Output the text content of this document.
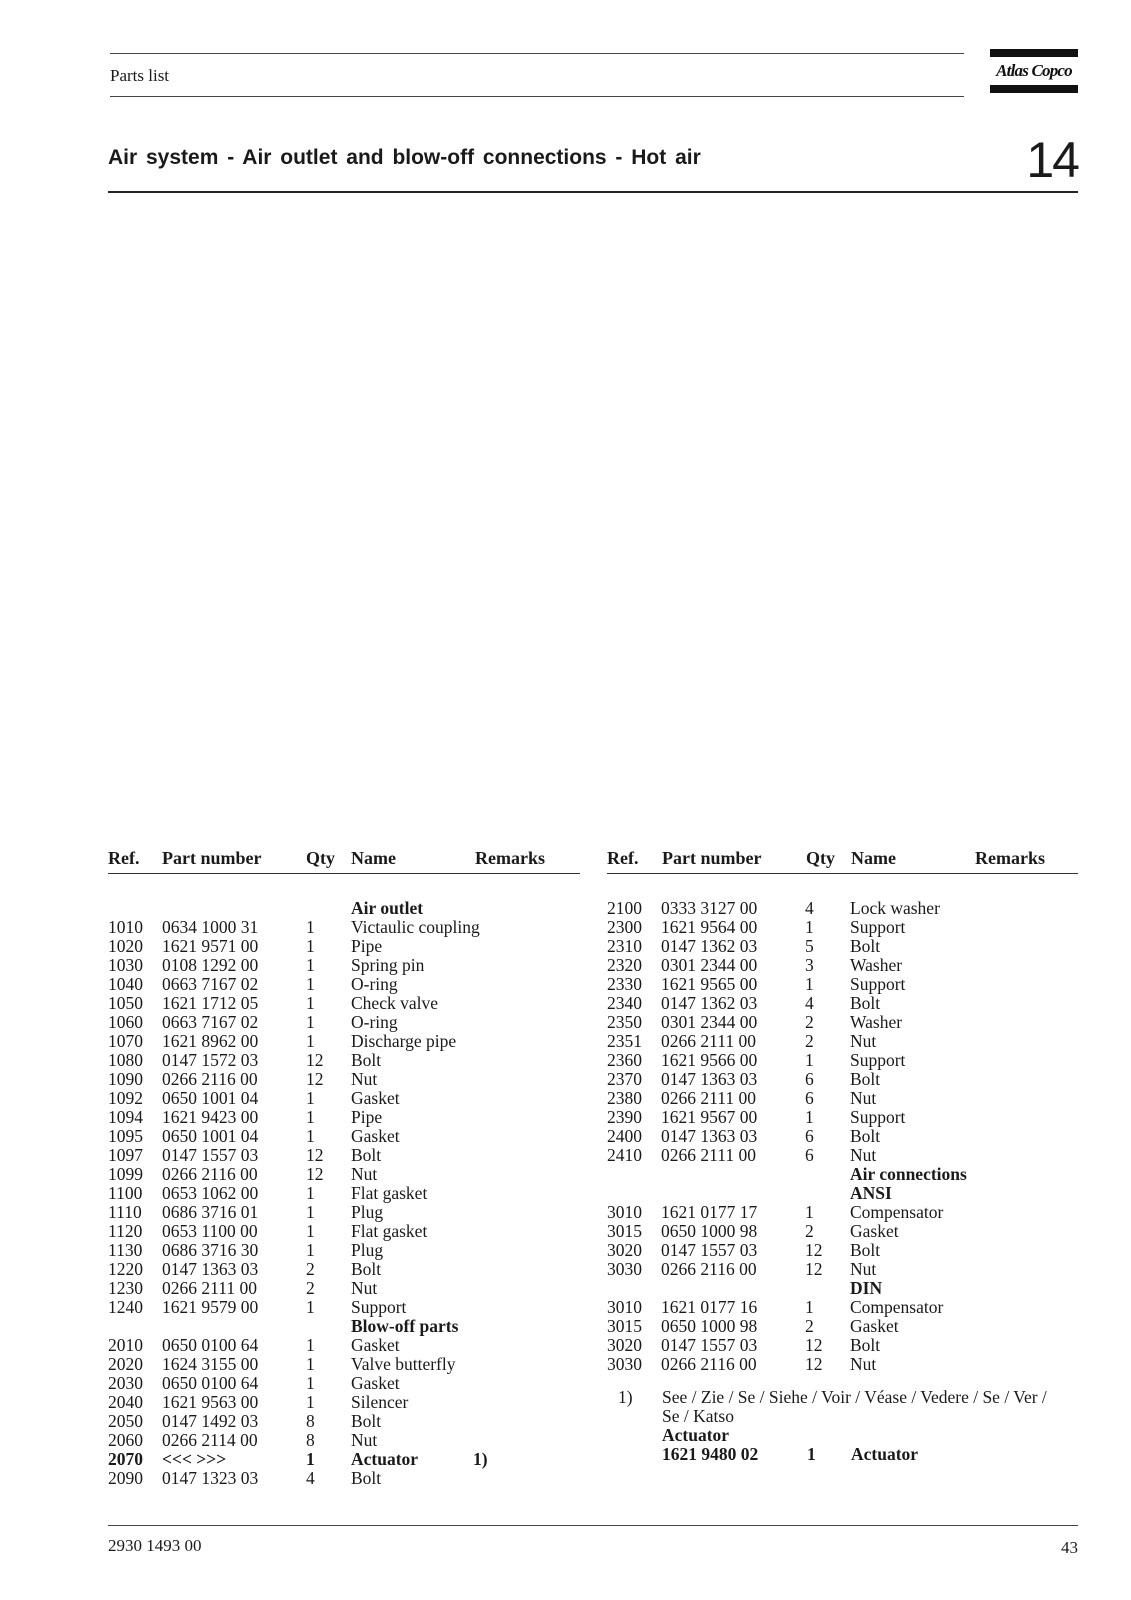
Parts list	Atlas Copco
Air system - Air outlet and blow-off connections - Hot air	14
Ref. Part number Qty Name	Remarks	Ref. Part number Qty Name	Remarks
Air outlet
1010 0634 1000 31	1 Victaulic coupling
1020 1621 9571 00	1 Pipe
1030 0108 1292 00	1 Spring pin
1040 0663 7167 02	1 O-ring
1050 1621 1712 05	1 Check valve
1060 0663 7167 02	1 O-ring
1070 1621 8962 00	1 Discharge pipe
1080 0147 1572 03	12 Bolt
1090 0266 2116 00	12 Nut
1092 0650 1001 04	1 Gasket
1094 1621 9423 00	1 Pipe
1095 0650 1001 04	1 Gasket
1097 0147 1557 03	12 Bolt
1099 0266 2116 00	12 Nut
1100 0653 1062 00	1 Flat gasket
1110 0686 3716 01	1 Plug
1120 0653 1100 00	1 Flat gasket
1130 0686 3716 30	1 Plug
1220 0147 1363 03	2 Bolt
1230 0266 2111 00	2 Nut
1240 1621 9579 00	1 Support
Blow-off parts
2010 0650 0100 64	1 Gasket
2020 1624 3155 00	1 Valve butterfly
2030 0650 0100 64	1 Gasket
2040 1621 9563 00	1 Silencer
2050 0147 1492 03	8 Bolt
2060 0266 2114 00	8 Nut
2070 <<< >>>	1 Actuator	1)
2090 0147 1323 03	4 Bolt
2100 0333 3127 00	4 Lock washer
2300 1621 9564 00	1 Support
2310 0147 1362 03	5 Bolt
2320 0301 2344 00	3 Washer
2330 1621 9565 00	1 Support
2340 0147 1362 03	4 Bolt
2350 0301 2344 00	2 Washer
2351 0266 2111 00	2 Nut
2360 1621 9566 00	1 Support
2370 0147 1363 03	6 Bolt
2380 0266 2111 00	6 Nut
2390 1621 9567 00	1 Support
2400 0147 1363 03	6 Bolt
2410 0266 2111 00	6 Nut
Air connections
ANSI
3010 1621 0177 17	1 Compensator
3015 0650 1000 98	2 Gasket
3020 0147 1557 03	12 Bolt
3030 0266 2116 00	12 Nut
DIN
3010 1621 0177 16	1 Compensator
3015 0650 1000 98	2 Gasket
3020 0147 1557 03	12 Bolt
3030 0266 2116 00	12 Nut
1) See / Zie / Se / Siehe / Voir / Véase / Vedere / Se / Ver / Se / Katso
Actuator
1621 9480 02	1 Actuator
2930 1493 00	43
